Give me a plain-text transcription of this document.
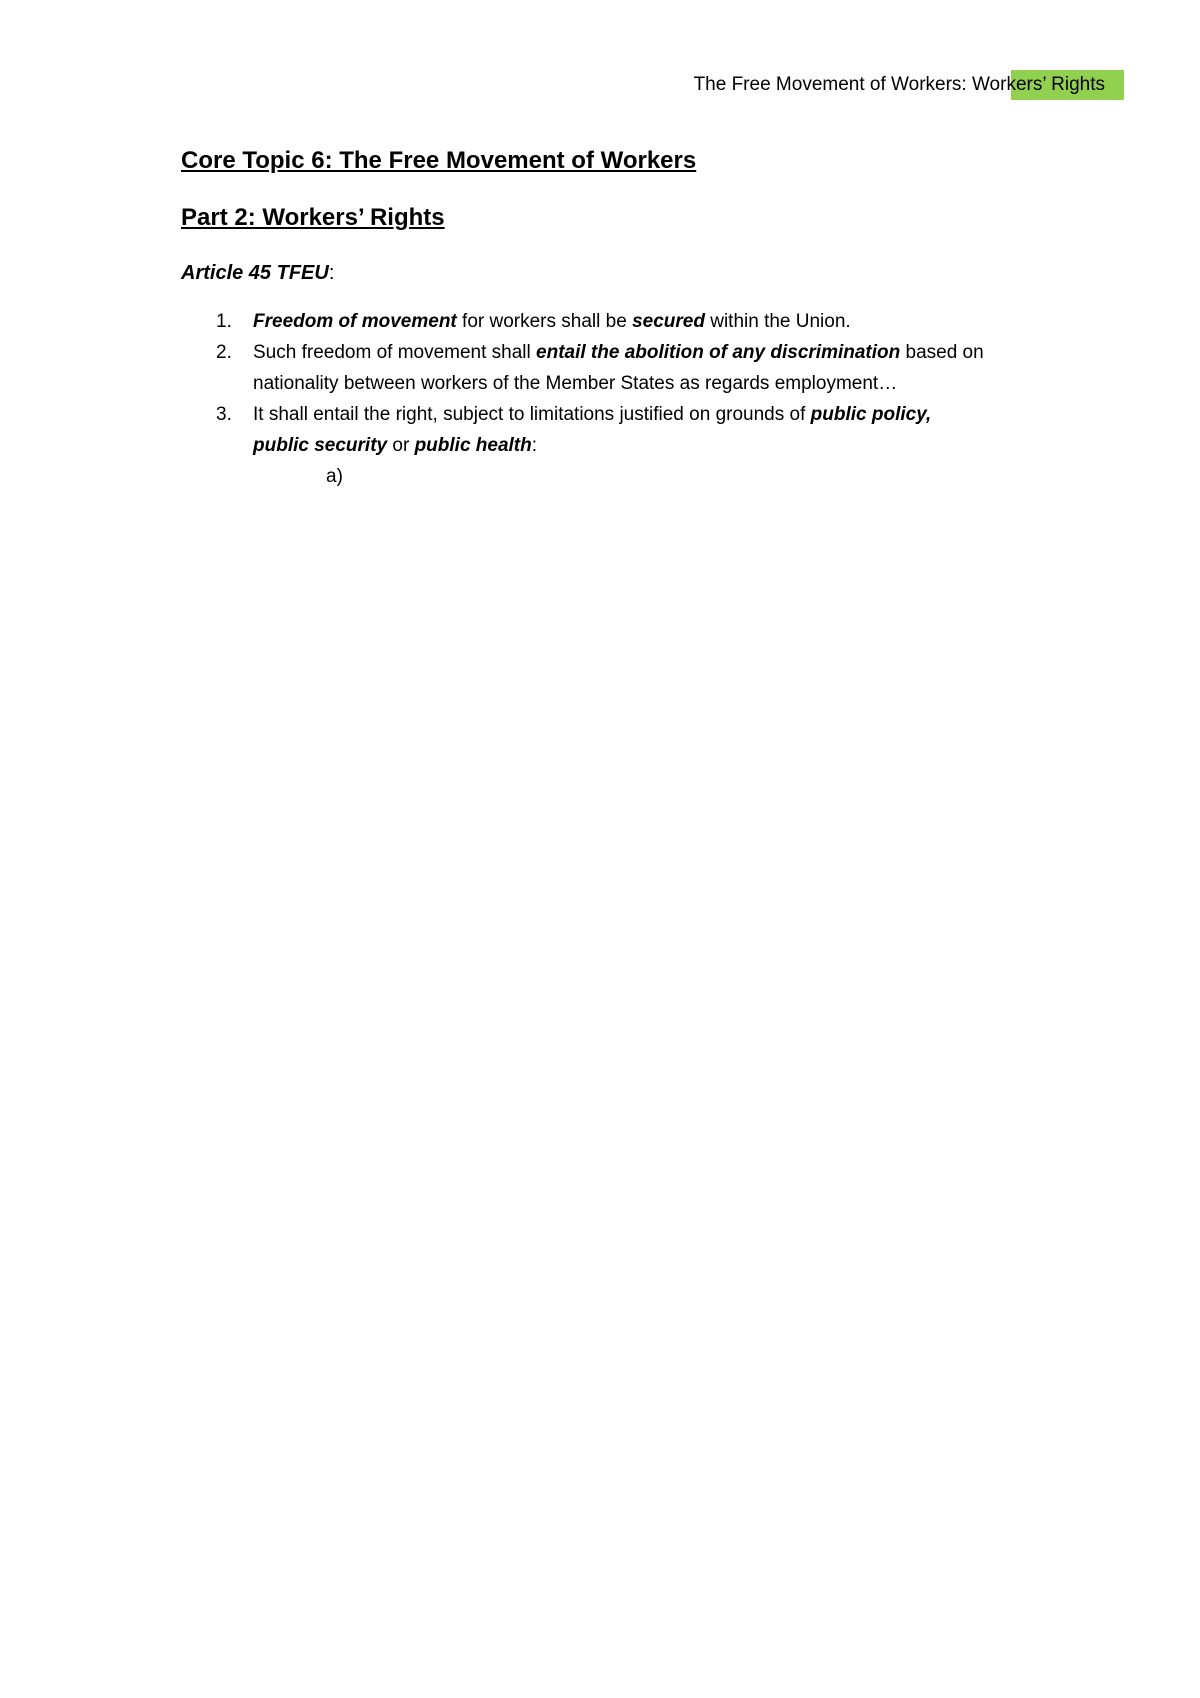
The Free Movement of Workers: Workers’ Rights
Core Topic 6: The Free Movement of Workers
Part 2: Workers’ Rights
Article 45 TFEU:
1. Freedom of movement for workers shall be secured within the Union.
2. Such freedom of movement shall entail the abolition of any discrimination based on
nationality between workers of the Member States as regards employment…
3. It shall entail the right, subject to limitations justified on grounds of public policy,
public security or public health:
a)
